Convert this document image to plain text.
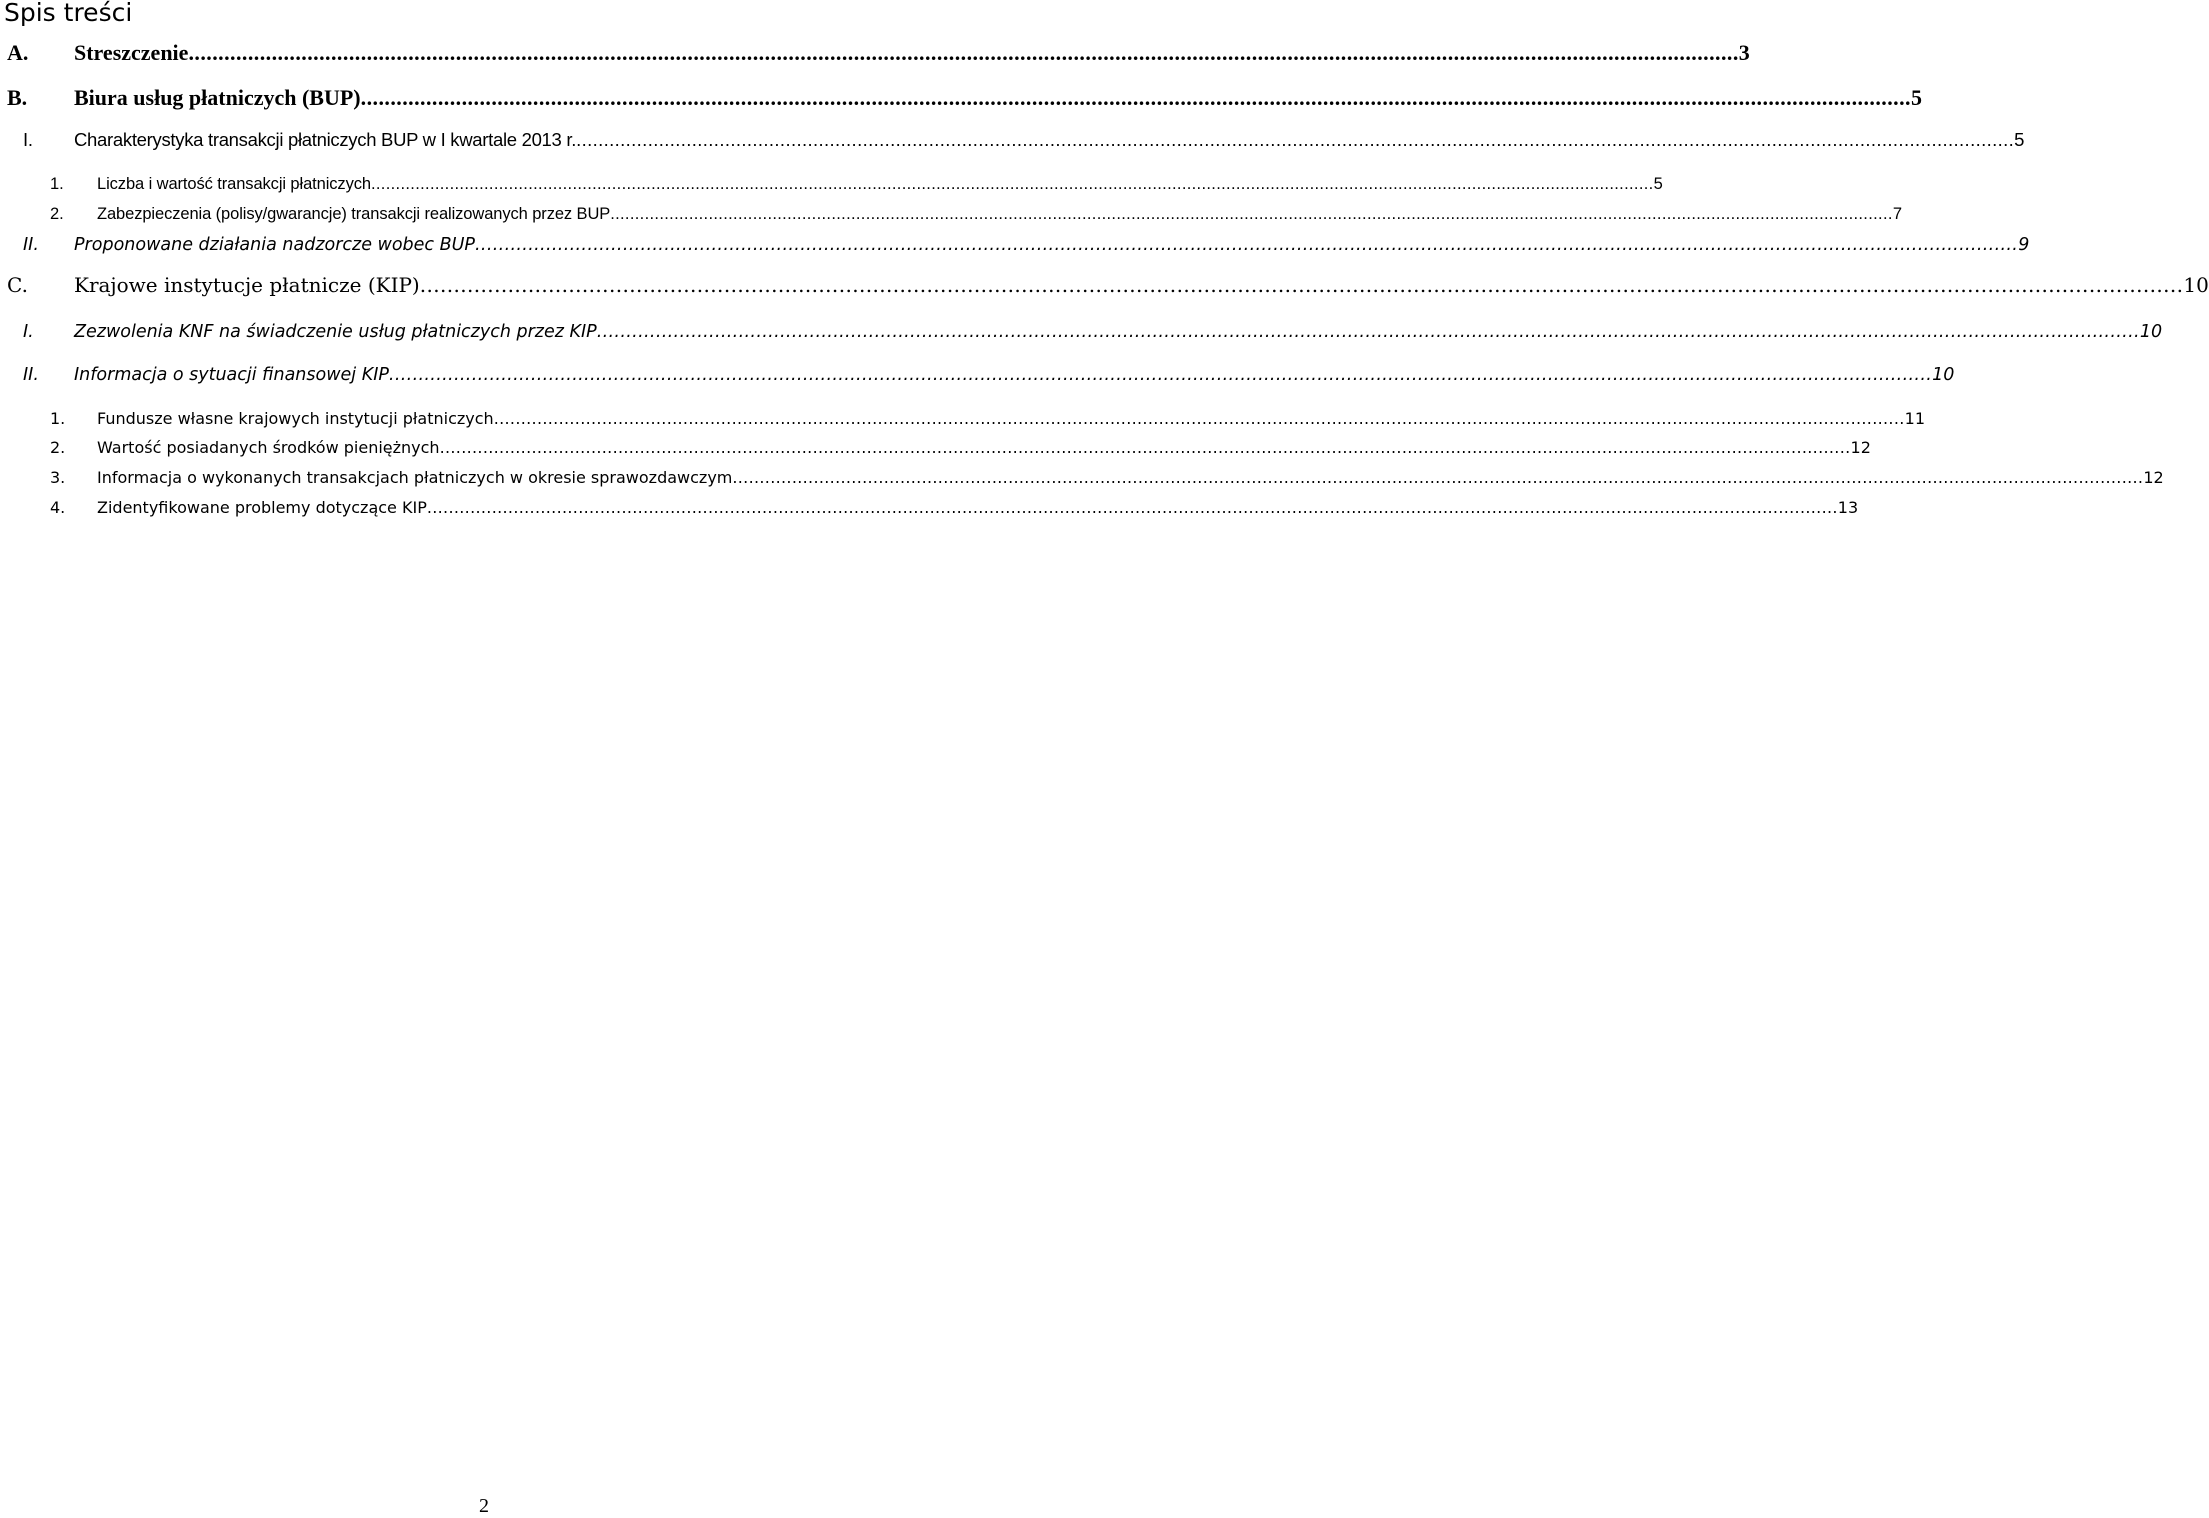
Spis treści
A. Streszczenie ..................................................................................................................................................................................................................................................................... 3
B. Biura usług płatniczych (BUP) ..................................................................................................................................................................................................................................................................... 5
I. Charakterystyka transakcji płatniczych BUP w I kwartale 2013 r. ..................................................................................................................................................................................................................................................................... 5
1. Liczba i wartość transakcji płatniczych ..................................................................................................................................................................................................................................................................... 5
2. Zabezpieczenia (polisy/gwarancje) transakcji realizowanych przez BUP ..................................................................................................................................................................................................................................................................... 7
II. Proponowane działania nadzorcze wobec BUP ..................................................................................................................................................................................................................................................................... 9
C. Krajowe instytucje płatnicze (KIP) ..................................................................................................................................................................................................................................................................... 10
I. Zezwolenia KNF na świadczenie usług płatniczych przez KIP ..................................................................................................................................................................................................................................................................... 10
II. Informacja o sytuacji finansowej KIP ..................................................................................................................................................................................................................................................................... 10
1. Fundusze własne krajowych instytucji płatniczych ..................................................................................................................................................................................................................................................................... 11
2. Wartość posiadanych środków pieniężnych ..................................................................................................................................................................................................................................................................... 12
3. Informacja o wykonanych transakcjach płatniczych w okresie sprawozdawczym ..................................................................................................................................................................................................................................................................... 12
4. Zidentyfikowane problemy dotyczące KIP ..................................................................................................................................................................................................................................................................... 13
2
